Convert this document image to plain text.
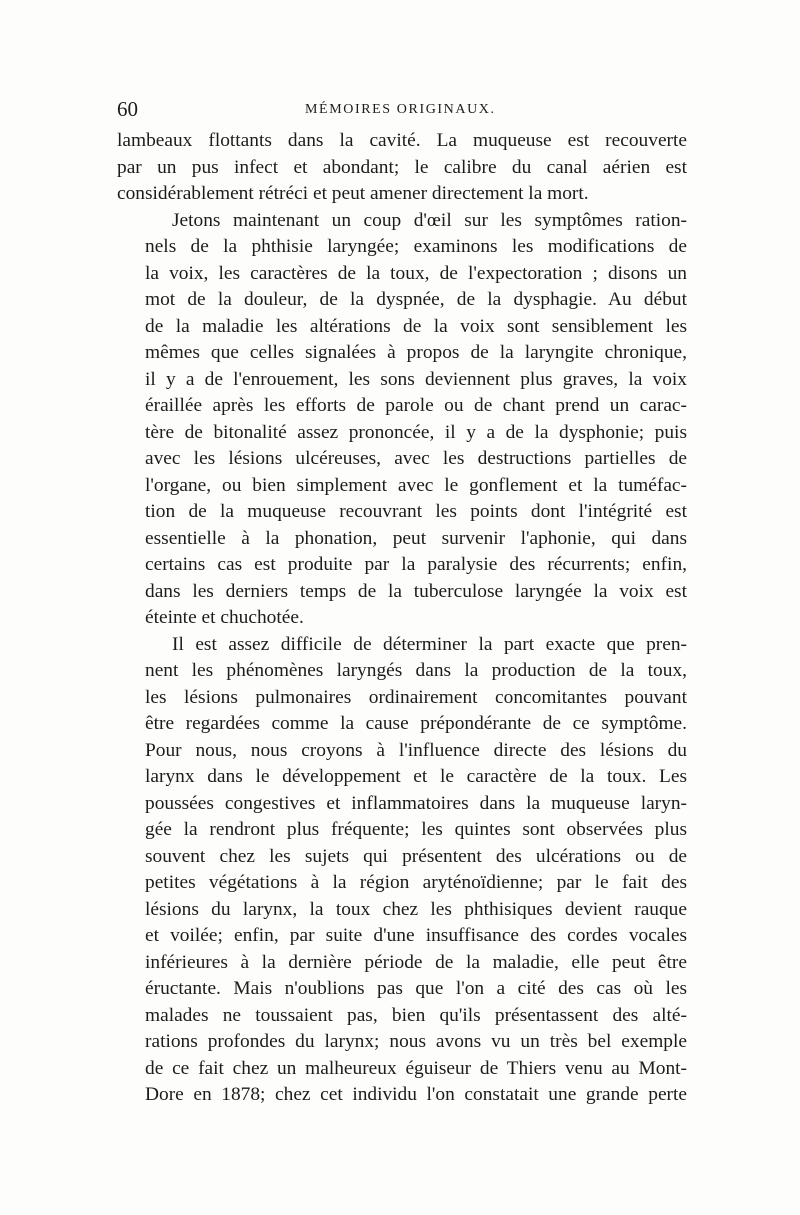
60	MÉMOIRES ORIGINAUX.
lambeaux flottants dans la cavité. La muqueuse est recouverte
par un pus infect et abondant; le calibre du canal aérien est
considérablement rétréci et peut amener directement la mort.
Jetons maintenant un coup d'œil sur les symptômes ration-
nels de la phthisie laryngée; examinons les modifications de
la voix, les caractères de la toux, de l'expectoration ; disons un
mot de la douleur, de la dyspnée, de la dysphagie. Au début
de la maladie les altérations de la voix sont sensiblement les
mêmes que celles signalées à propos de la laryngite chronique,
il y a de l'enrouement, les sons deviennent plus graves, la voix
éraillée après les efforts de parole ou de chant prend un carac-
tère de bitonalité assez prononcée, il y a de la dysphonie; puis
avec les lésions ulcéreuses, avec les destructions partielles de
l'organe, ou bien simplement avec le gonflement et la tuméfac-
tion de la muqueuse recouvrant les points dont l'intégrité est
essentielle à la phonation, peut survenir l'aphonie, qui dans
certains cas est produite par la paralysie des récurrents; enfin,
dans les derniers temps de la tuberculose laryngée la voix est
éteinte et chuchotée.
Il est assez difficile de déterminer la part exacte que pren-
nent les phénomènes laryngés dans la production de la toux,
les lésions pulmonaires ordinairement concomitantes pouvant
être regardées comme la cause prépondérante de ce symptôme.
Pour nous, nous croyons à l'influence directe des lésions du
larynx dans le développement et le caractère de la toux. Les
poussées congestives et inflammatoires dans la muqueuse laryn-
gée la rendront plus fréquente; les quintes sont observées plus
souvent chez les sujets qui présentent des ulcérations ou de
petites végétations à la région aryténoïdienne; par le fait des
lésions du larynx, la toux chez les phthisiques devient rauque
et voilée; enfin, par suite d'une insuffisance des cordes vocales
inférieures à la dernière période de la maladie, elle peut être
éructante. Mais n'oublions pas que l'on a cité des cas où les
malades ne toussaient pas, bien qu'ils présentassent des alté-
rations profondes du larynx; nous avons vu un très bel exemple
de ce fait chez un malheureux éguiseur de Thiers venu au Mont-
Dore en 1878; chez cet individu l'on constatait une grande perte
